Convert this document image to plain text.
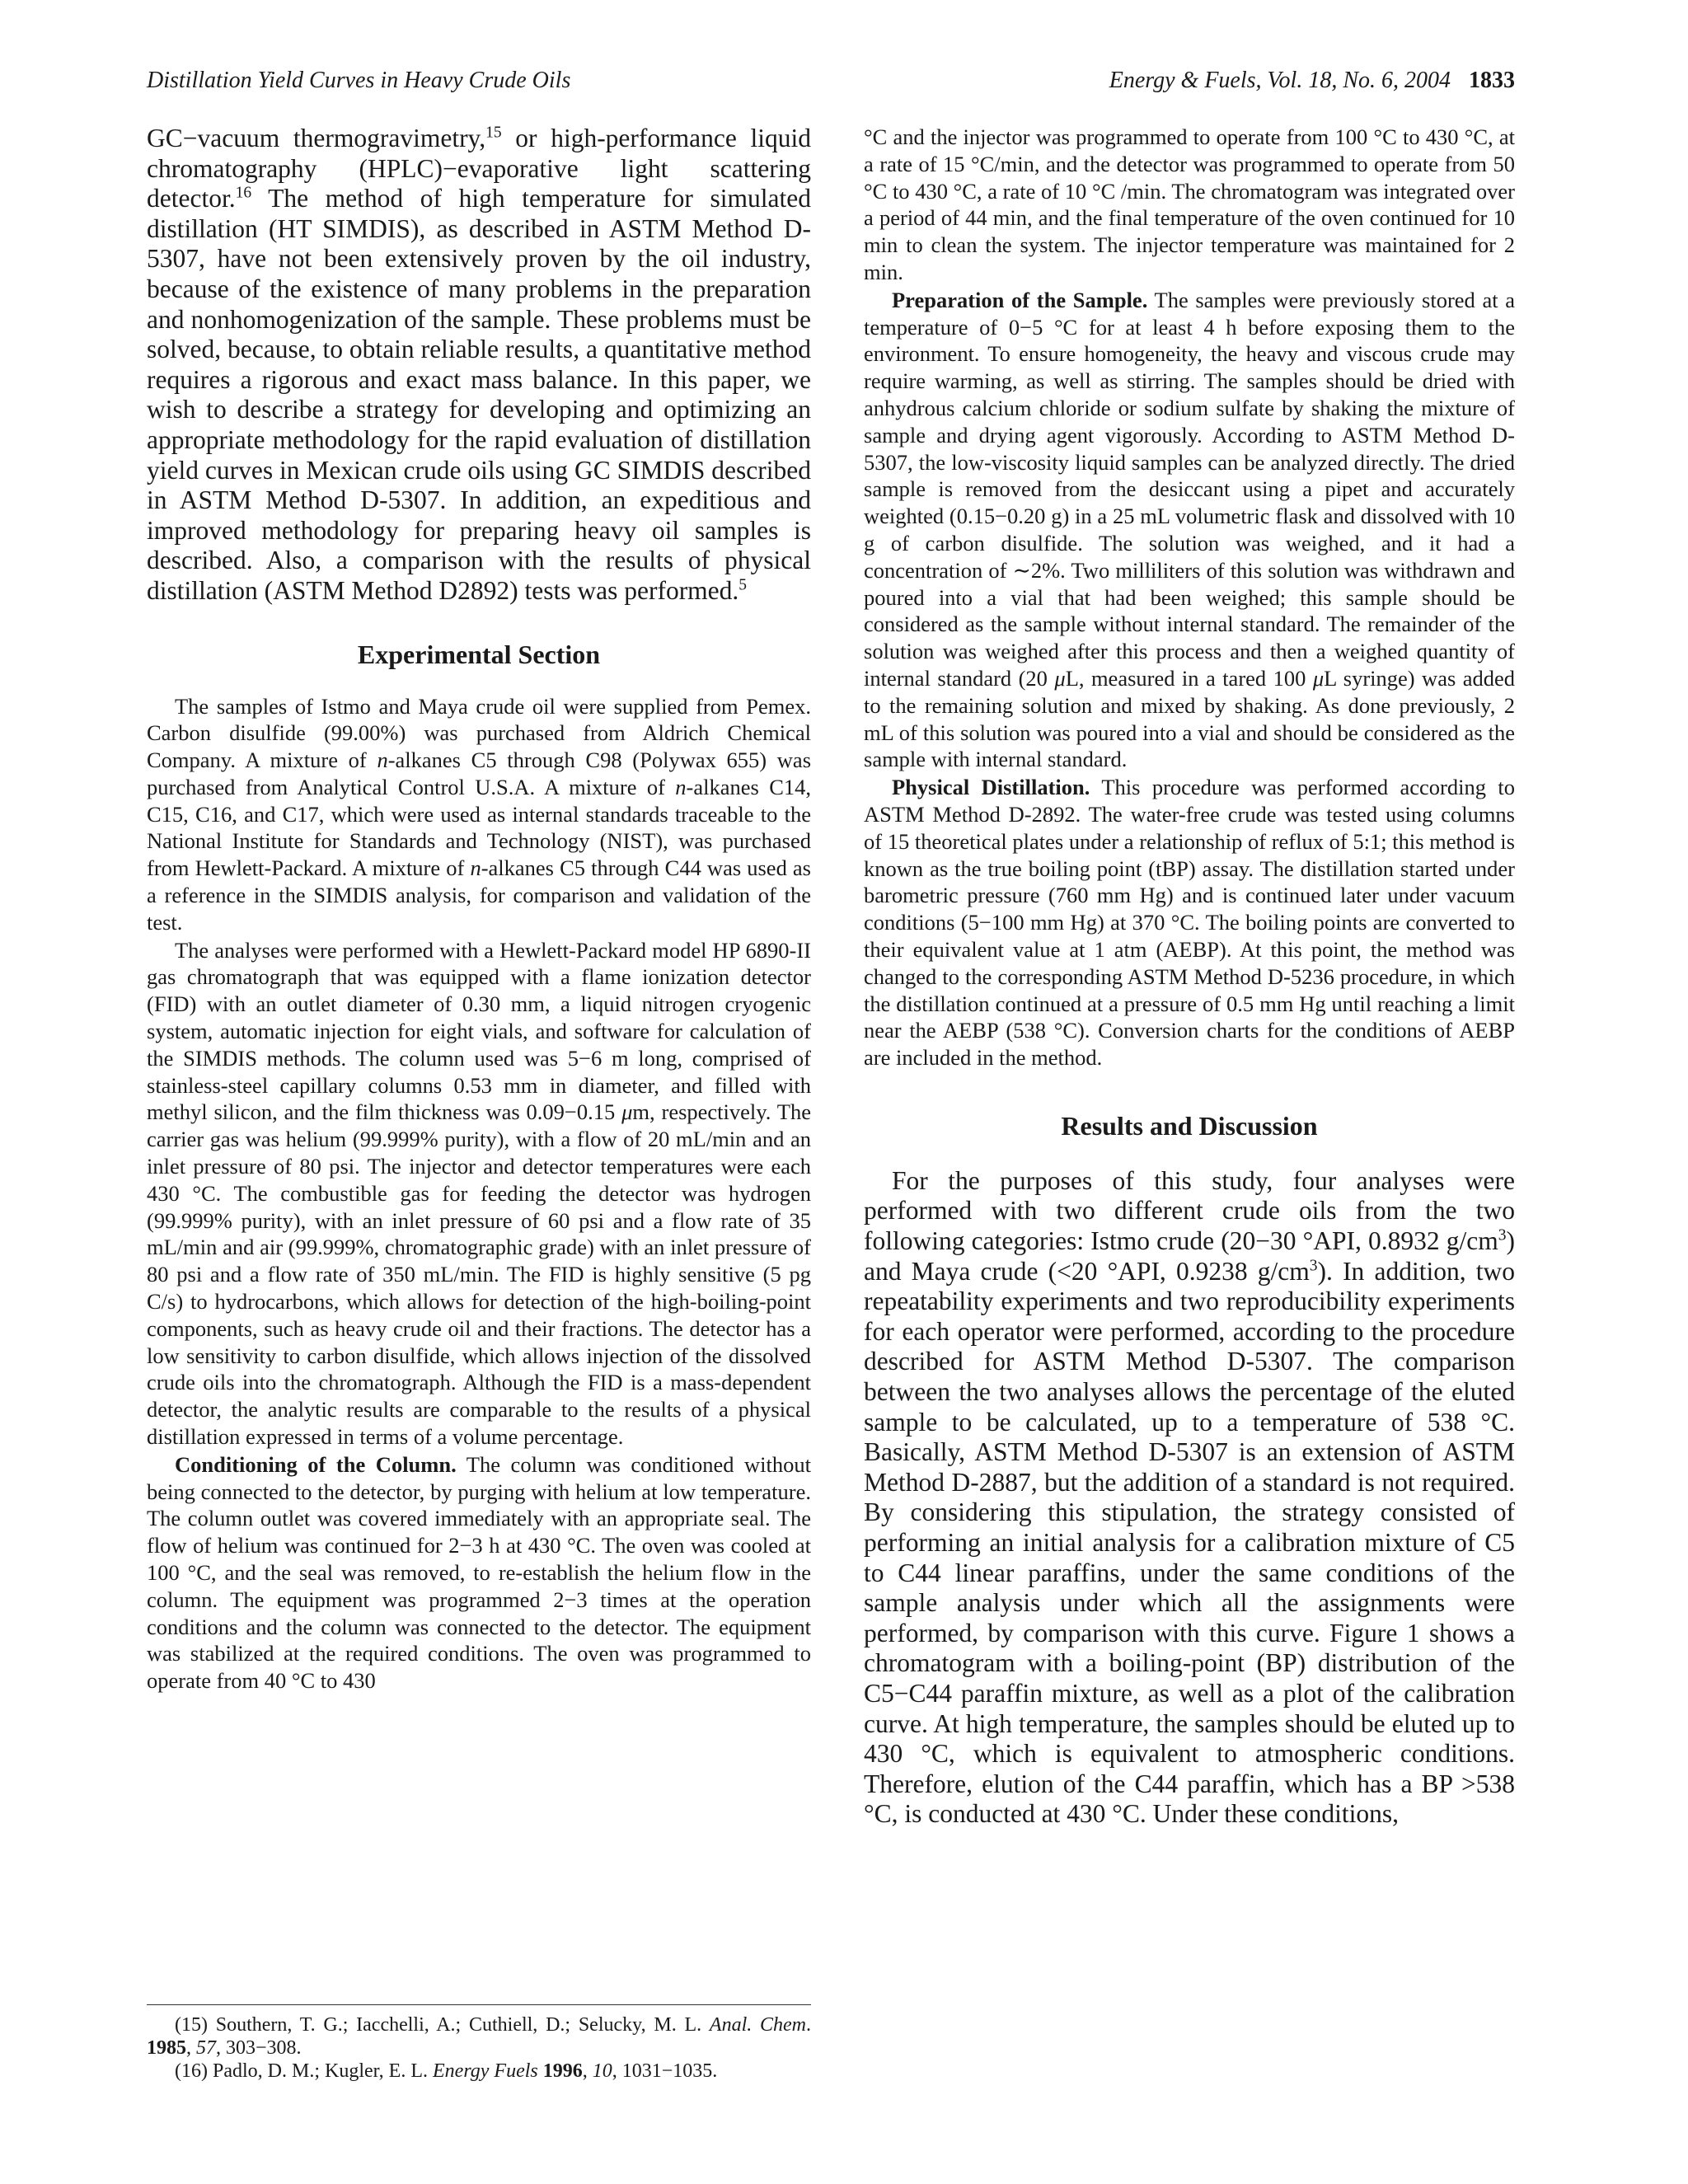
Distillation Yield Curves in Heavy Crude Oils	Energy & Fuels, Vol. 18, No. 6, 2004 1833

GC−vacuum thermogravimetry,$^{15}$ or high-performance liquid chromatography (HPLC)−evaporative light scattering detector.$^{16}$ The method of high temperature for simulated distillation (HT SIMDIS), as described in ASTM Method D-5307, have not been extensively proven by the oil industry, because of the existence of many problems in the preparation and nonhomogenization of the sample. These problems must be solved, because, to obtain reliable results, a quantitative method requires a rigorous and exact mass balance. In this paper, we wish to describe a strategy for developing and optimizing an appropriate methodology for the rapid evaluation of distillation yield curves in Mexican crude oils using GC SIMDIS described in ASTM Method D-5307. In addition, an expeditious and improved methodology for preparing heavy oil samples is described. Also, a comparison with the results of physical distillation (ASTM Method D2892) tests was performed.$^5$

Experimental Section

The samples of Istmo and Maya crude oil were supplied from Pemex. Carbon disulfide (99.00%) was purchased from Aldrich Chemical Company. A mixture of n-alkanes C5 through C98 (Polywax 655) was purchased from Analytical Control U.S.A. A mixture of n-alkanes C14, C15, C16, and C17, which were used as internal standards traceable to the National Institute for Standards and Technology (NIST), was purchased from Hewlett-Packard. A mixture of n-alkanes C5 through C44 was used as a reference in the SIMDIS analysis, for comparison and validation of the test.

The analyses were performed with a Hewlett-Packard model HP 6890-II gas chromatograph that was equipped with a flame ionization detector (FID) with an outlet diameter of 0.30 mm, a liquid nitrogen cryogenic system, automatic injection for eight vials, and software for calculation of the SIMDIS methods. The column used was 5−6 m long, comprised of stainless-steel capillary columns 0.53 mm in diameter, and filled with methyl silicon, and the film thickness was 0.09−0.15 μm, respectively. The carrier gas was helium (99.999% purity), with a flow of 20 mL/min and an inlet pressure of 80 psi. The injector and detector temperatures were each 430 °C. The combustible gas for feeding the detector was hydrogen (99.999% purity), with an inlet pressure of 60 psi and a flow rate of 35 mL/min and air (99.999%, chromatographic grade) with an inlet pressure of 80 psi and a flow rate of 350 mL/min. The FID is highly sensitive (5 pg C/s) to hydrocarbons, which allows for detection of the high-boiling-point components, such as heavy crude oil and their fractions. The detector has a low sensitivity to carbon disulfide, which allows injection of the dissolved crude oils into the chromatograph. Although the FID is a mass-dependent detector, the analytic results are comparable to the results of a physical distillation expressed in terms of a volume percentage.

Conditioning of the Column. The column was conditioned without being connected to the detector, by purging with helium at low temperature. The column outlet was covered immediately with an appropriate seal. The flow of helium was continued for 2−3 h at 430 °C. The oven was cooled at 100 °C, and the seal was removed, to re-establish the helium flow in the column. The equipment was programmed 2−3 times at the operation conditions and the column was connected to the detector. The equipment was stabilized at the required conditions. The oven was programmed to operate from 40 °C to 430

(15) Southern, T. G.; Iacchelli, A.; Cuthiell, D.; Selucky, M. L. Anal. Chem. 1985, 57, 303−308.

(16) Padlo, D. M.; Kugler, E. L. Energy Fuels 1996, 10, 1031−1035.

°C and the injector was programmed to operate from 100 °C to 430 °C, at a rate of 15 °C/min, and the detector was programmed to operate from 50 °C to 430 °C, a rate of 10 °C /min. The chromatogram was integrated over a period of 44 min, and the final temperature of the oven continued for 10 min to clean the system. The injector temperature was maintained for 2 min.

Preparation of the Sample. The samples were previously stored at a temperature of 0−5 °C for at least 4 h before exposing them to the environment. To ensure homogeneity, the heavy and viscous crude may require warming, as well as stirring. The samples should be dried with anhydrous calcium chloride or sodium sulfate by shaking the mixture of sample and drying agent vigorously. According to ASTM Method D-5307, the low-viscosity liquid samples can be analyzed directly. The dried sample is removed from the desiccant using a pipet and accurately weighted (0.15−0.20 g) in a 25 mL volumetric flask and dissolved with 10 g of carbon disulfide. The solution was weighed, and it had a concentration of ∼2%. Two milliliters of this solution was withdrawn and poured into a vial that had been weighed; this sample should be considered as the sample without internal standard. The remainder of the solution was weighed after this process and then a weighed quantity of internal standard (20 μL, measured in a tared 100 μL syringe) was added to the remaining solution and mixed by shaking. As done previously, 2 mL of this solution was poured into a vial and should be considered as the sample with internal standard.

Physical Distillation. This procedure was performed according to ASTM Method D-2892. The water-free crude was tested using columns of 15 theoretical plates under a relationship of reflux of 5:1; this method is known as the true boiling point (tBP) assay. The distillation started under barometric pressure (760 mm Hg) and is continued later under vacuum conditions (5−100 mm Hg) at 370 °C. The boiling points are converted to their equivalent value at 1 atm (AEBP). At this point, the method was changed to the corresponding ASTM Method D-5236 procedure, in which the distillation continued at a pressure of 0.5 mm Hg until reaching a limit near the AEBP (538 °C). Conversion charts for the conditions of AEBP are included in the method.

Results and Discussion

For the purposes of this study, four analyses were performed with two different crude oils from the two following categories: Istmo crude (20−30 °API, 0.8932 $g/cm^3$) and Maya crude (<20 °API, 0.9238 $g/cm^3$). In addition, two repeatability experiments and two reproducibility experiments for each operator were performed, according to the procedure described for ASTM Method D-5307. The comparison between the two analyses allows the percentage of the eluted sample to be calculated, up to a temperature of 538 °C. Basically, ASTM Method D-5307 is an extension of ASTM Method D-2887, but the addition of a standard is not required. By considering this stipulation, the strategy consisted of performing an initial analysis for a calibration mixture of C5 to C44 linear paraffins, under the same conditions of the sample analysis under which all the assignments were performed, by comparison with this curve. Figure 1 shows a chromatogram with a boiling-point (BP) distribution of the C5−C44 paraffin mixture, as well as a plot of the calibration curve. At high temperature, the samples should be eluted up to 430 °C, which is equivalent to atmospheric conditions. Therefore, elution of the C44 paraffin, which has a BP >538 °C, is conducted at 430 °C. Under these conditions,
